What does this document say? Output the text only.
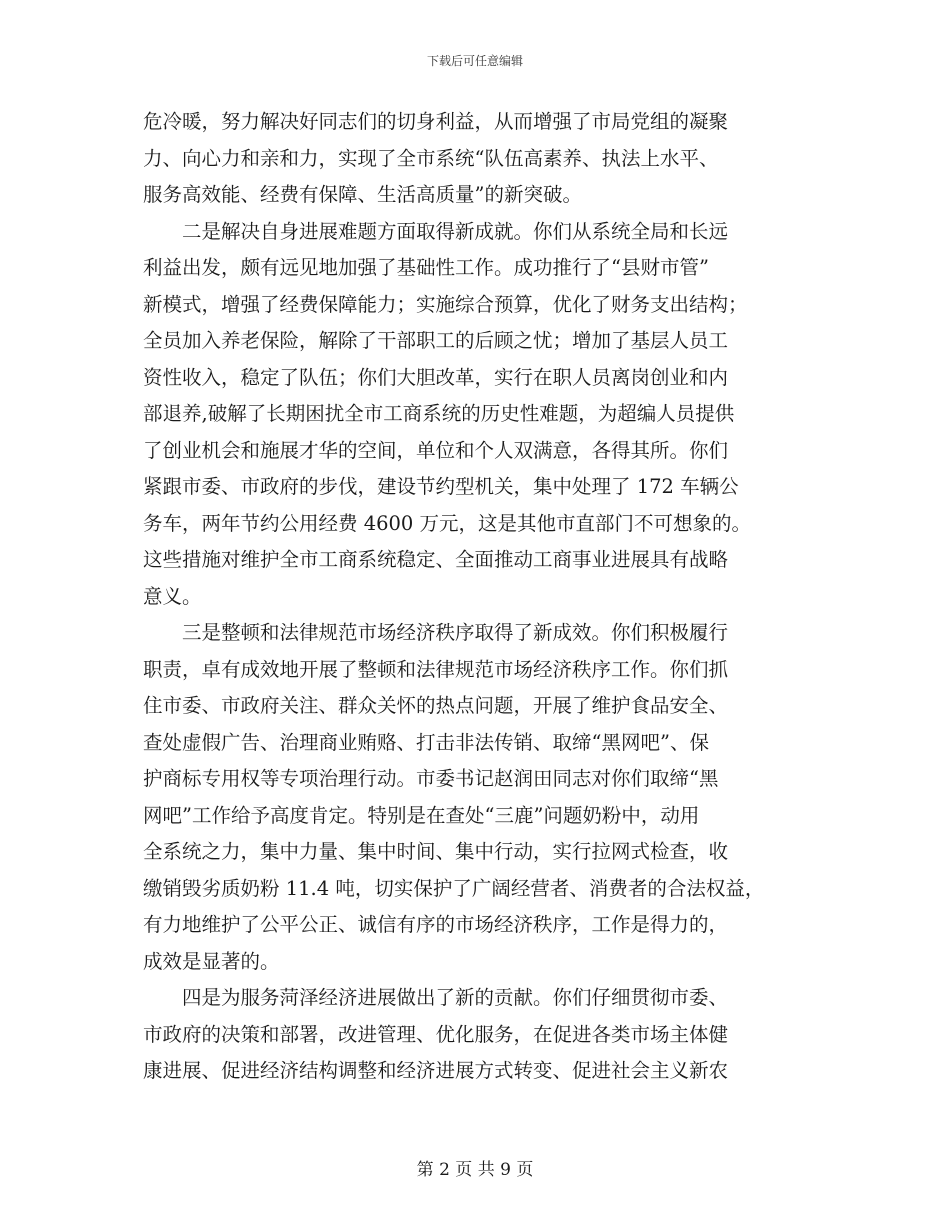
下载后可任意编辑
危冷暖，努力解决好同志们的切身利益，从而增强了市局党组的凝聚
力、向心力和亲和力，实现了全市系统“队伍高素养、执法上水平、
服务高效能、经费有保障、生活高质量”的新突破。
　　二是解决自身进展难题方面取得新成就。你们从系统全局和长远
利益出发，颇有远见地加强了基础性工作。成功推行了“县财市管”
新模式，增强了经费保障能力；实施综合预算，优化了财务支出结构；
全员加入养老保险，解除了干部职工的后顾之忧；增加了基层人员工
资性收入，稳定了队伍；你们大胆改革，实行在职人员离岗创业和内
部退养,破解了长期困扰全市工商系统的历史性难题，为超编人员提供
了创业机会和施展才华的空间，单位和个人双满意，各得其所。你们
紧跟市委、市政府的步伐，建设节约型机关，集中处理了 172 车辆公
务车，两年节约公用经费 4600 万元，这是其他市直部门不可想象的。
这些措施对维护全市工商系统稳定、全面推动工商事业进展具有战略
意义。
　　三是整顿和法律规范市场经济秩序取得了新成效。你们积极履行
职责，卓有成效地开展了整顿和法律规范市场经济秩序工作。你们抓
住市委、市政府关注、群众关怀的热点问题，开展了维护食品安全、
查处虚假广告、治理商业贿赂、打击非法传销、取缔“黑网吧”、保
护商标专用权等专项治理行动。市委书记赵润田同志对你们取缔“黑
网吧”工作给予高度肯定。特别是在查处“三鹿”问题奶粉中，动用
全系统之力，集中力量、集中时间、集中行动，实行拉网式检查，收
缴销毁劣质奶粉 11.4 吨，切实保护了广阔经营者、消费者的合法权益，
有力地维护了公平公正、诚信有序的市场经济秩序，工作是得力的，
成效是显著的。
　　四是为服务菏泽经济进展做出了新的贡献。你们仔细贯彻市委、
市政府的决策和部署，改进管理、优化服务，在促进各类市场主体健
康进展、促进经济结构调整和经济进展方式转变、促进社会主义新农
第 2 页 共 9 页
